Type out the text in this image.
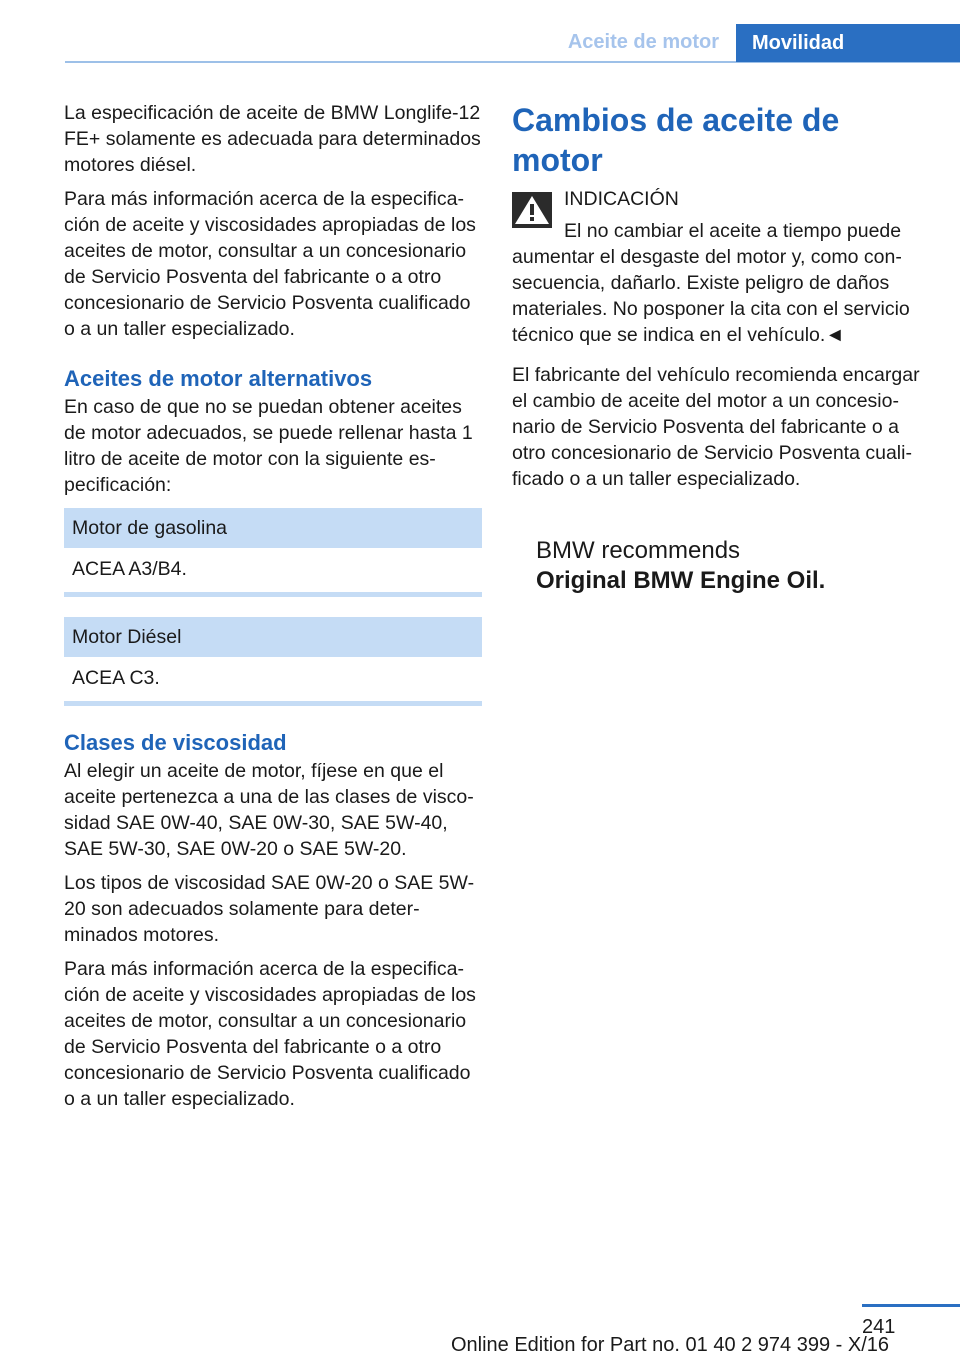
Aceite de motor	Movilidad

La especificación de aceite de BMW Longlife-12 FE+ solamente es adecuada para determinados motores diésel.

Para más información acerca de la especificación de aceite y viscosidades apropiadas de los aceites de motor, consultar a un concesionario de Servicio Posventa del fabricante o a otro concesionario de Servicio Posventa cualificado o a un taller especializado.

Aceites de motor alternativos

En caso de que no se puedan obtener aceites de motor adecuados, se puede rellenar hasta 1 litro de aceite de motor con la siguiente especificación:

Motor de gasolina
ACEA A3/B4.
Motor Diésel
ACEA C3.
Clases de viscosidad

Al elegir un aceite de motor, fíjese en que el aceite pertenezca a una de las clases de viscosidad SAE 0W-40, SAE 0W-30, SAE 5W-40, SAE 5W-30, SAE 0W-20 o SAE 5W-20.

Los tipos de viscosidad SAE 0W-20 o SAE 5W-20 son adecuados solamente para determinados motores.

Para más información acerca de la especificación de aceite y viscosidades apropiadas de los aceites de motor, consultar a un concesionario de Servicio Posventa del fabricante o a otro concesionario de Servicio Posventa cualificado o a un taller especializado.

Cambios de aceite de motor

INDICACIÓN

El no cambiar el aceite a tiempo puede

aumentar el desgaste del motor y, como consecuencia, dañarlo. Existe peligro de daños materiales. No posponer la cita con el servicio técnico que se indica en el vehículo.◄

El fabricante del vehículo recomienda encargar el cambio de aceite del motor a un concesionario de Servicio Posventa del fabricante o a otro concesionario de Servicio Posventa cualificado o a un taller especializado.

BMW recommends
Original BMW Engine Oil.
241
Online Edition for Part no. 01 40 2 974 399 - X/16
